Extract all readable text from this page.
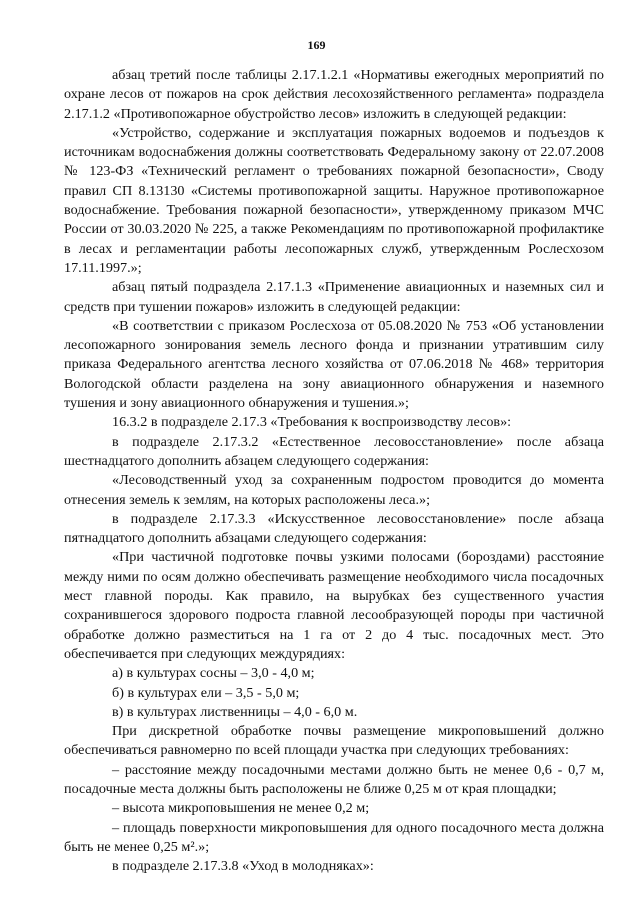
169

абзац третий после таблицы 2.17.1.2.1 «Нормативы ежегодных мероприятий по охране лесов от пожаров на срок действия лесохозяйственного регламента» подраздела 2.17.1.2 «Противопожарное обустройство лесов» изложить в следующей редакции:

«Устройство, содержание и эксплуатация пожарных водоемов и подъездов к источникам водоснабжения должны соответствовать Федеральному закону от 22.07.2008 № 123-ФЗ «Технический регламент о требованиях пожарной безопасности», Своду правил СП 8.13130 «Системы противопожарной защиты. Наружное противопожарное водоснабжение. Требования пожарной безопасности», утвержденному приказом МЧС России от 30.03.2020 № 225, а также Рекомендациям по противопожарной профилактике в лесах и регламентации работы лесопожарных служб, утвержденным Рослесхозом 17.11.1997.»;

абзац пятый подраздела 2.17.1.3 «Применение авиационных и наземных сил и средств при тушении пожаров» изложить в следующей редакции:

«В соответствии с приказом Рослесхоза от 05.08.2020 № 753 «Об установлении лесопожарного зонирования земель лесного фонда и признании утратившим силу приказа Федерального агентства лесного хозяйства от 07.06.2018 № 468» территория Вологодской области разделена на зону авиационного обнаружения и наземного тушения и зону авиационного обнаружения и тушения.»;

16.3.2 в подразделе 2.17.3 «Требования к воспроизводству лесов»:

в подразделе 2.17.3.2 «Естественное лесовосстановление» после абзаца шестнадцатого дополнить абзацем следующего содержания:

«Лесоводственный уход за сохраненным подростом проводится до момента отнесения земель к землям, на которых расположены леса.»;

в подразделе 2.17.3.3 «Искусственное лесовосстановление» после абзаца пятнадцатого дополнить абзацами следующего содержания:

«При частичной подготовке почвы узкими полосами (бороздами) расстояние между ними по осям должно обеспечивать размещение необходимого числа посадочных мест главной породы. Как правило, на вырубках без существенного участия сохранившегося здорового подроста главной лесообразующей породы при частичной обработке должно разместиться на 1 га от 2 до 4 тыс. посадочных мест. Это обеспечивается при следующих междурядиях:

а) в культурах сосны – 3,0 - 4,0 м;

б) в культурах ели – 3,5 - 5,0 м;

в) в культурах лиственницы – 4,0 - 6,0 м.

При дискретной обработке почвы размещение микроповышений должно обеспечиваться равномерно по всей площади участка при следующих требованиях:

– расстояние между посадочными местами должно быть не менее 0,6 - 0,7 м, посадочные места должны быть расположены не ближе 0,25 м от края площадки;

– высота микроповышения не менее 0,2 м;

– площадь поверхности микроповышения для одного посадочного места должна быть не менее 0,25 м².»;

в подразделе 2.17.3.8 «Уход в молодняках»:
